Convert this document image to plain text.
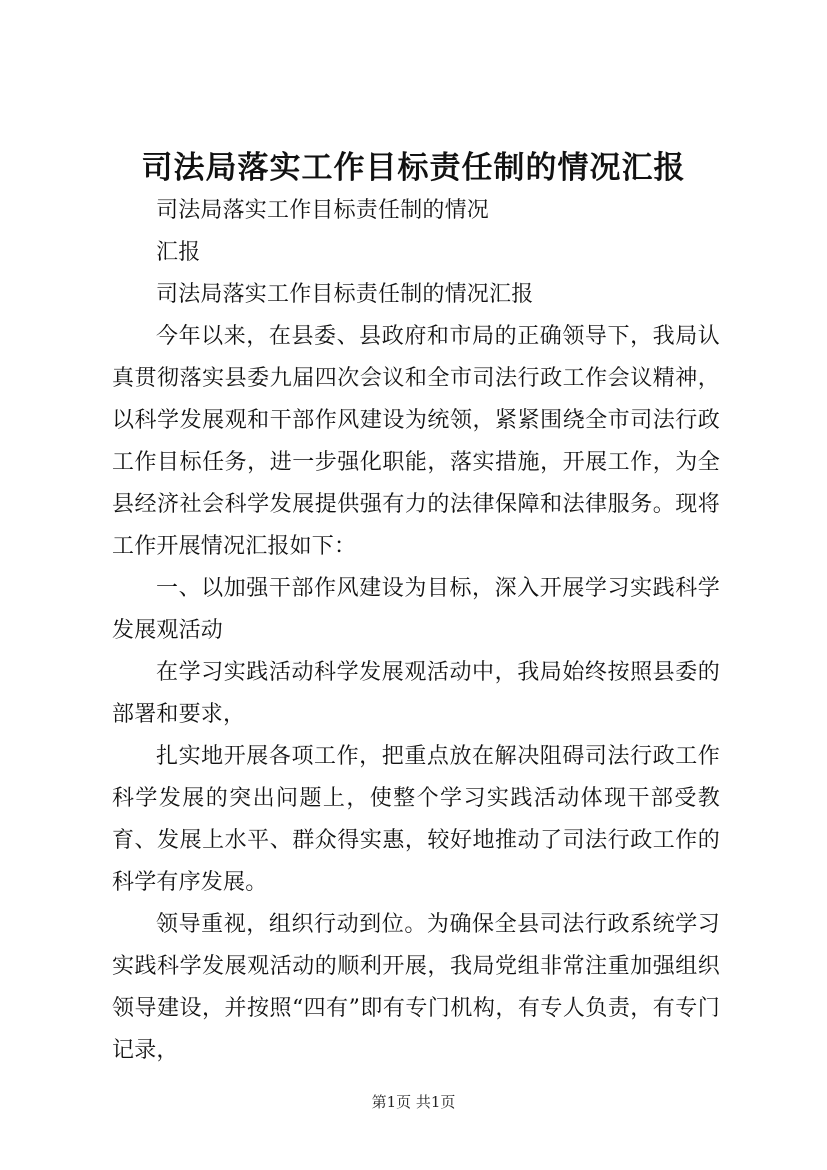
司法局落实工作目标责任制的情况汇报

司法局落实工作目标责任制的情况

汇报

司法局落实工作目标责任制的情况汇报

今年以来，在县委、县政府和市局的正确领导下，我局认真贯彻落实县委九届四次会议和全市司法行政工作会议精神，以科学发展观和干部作风建设为统领，紧紧围绕全市司法行政工作目标任务，进一步强化职能，落实措施，开展工作，为全县经济社会科学发展提供强有力的法律保障和法律服务。现将工作开展情况汇报如下：

一、以加强干部作风建设为目标，深入开展学习实践科学发展观活动

在学习实践活动科学发展观活动中，我局始终按照县委的部署和要求，

扎实地开展各项工作，把重点放在解决阻碍司法行政工作科学发展的突出问题上，使整个学习实践活动体现干部受教育、发展上水平、群众得实惠，较好地推动了司法行政工作的科学有序发展。

领导重视，组织行动到位。为确保全县司法行政系统学习实践科学发展观活动的顺利开展，我局党组非常注重加强组织领导建设，并按照“四有”即有专门机构，有专人负责，有专门记录，

第1页 共1页
